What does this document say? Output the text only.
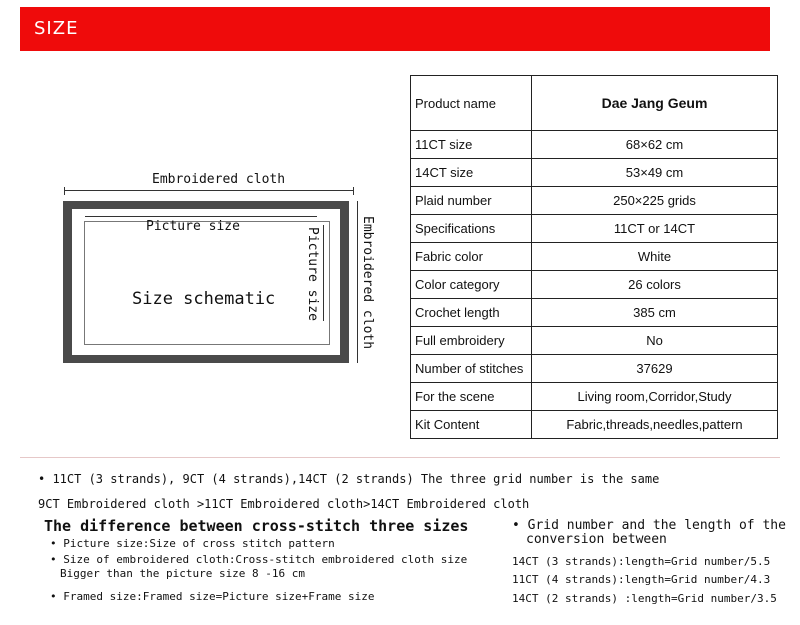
SIZE
Embroidered cloth
Picture size
Size schematic Picture size	Embroidered cloth
Product name	Dae Jang Geum
11CT size	68×62 cm
14CT size	53×49 cm
Plaid number	250×225 grids
Specifications	11CT or 14CT
Fabric color	White
Color category	26 colors
Crochet length	385 cm
Full embroidery	No
Number of stitches	37629
For the scene	Living room,Corridor,Study
Kit Content	Fabric,threads,needles,pattern
• 11CT (3 strands), 9CT (4 strands),14CT (2 strands) The three grid number is the same
9CT Embroidered cloth >11CT Embroidered cloth>14CT Embroidered cloth
The difference between cross-stitch three sizes
• Picture size:Size of cross stitch pattern
• Size of embroidered cloth:Cross-stitch embroidered cloth size
Bigger than the picture size 8 -16 cm
• Framed size:Framed size=Picture size+Frame size
• Grid number and the length of the
conversion between
14CT (3 strands):length=Grid number/5.5
11CT (4 strands):length=Grid number/4.3
14CT (2 strands) :length=Grid number/3.5
